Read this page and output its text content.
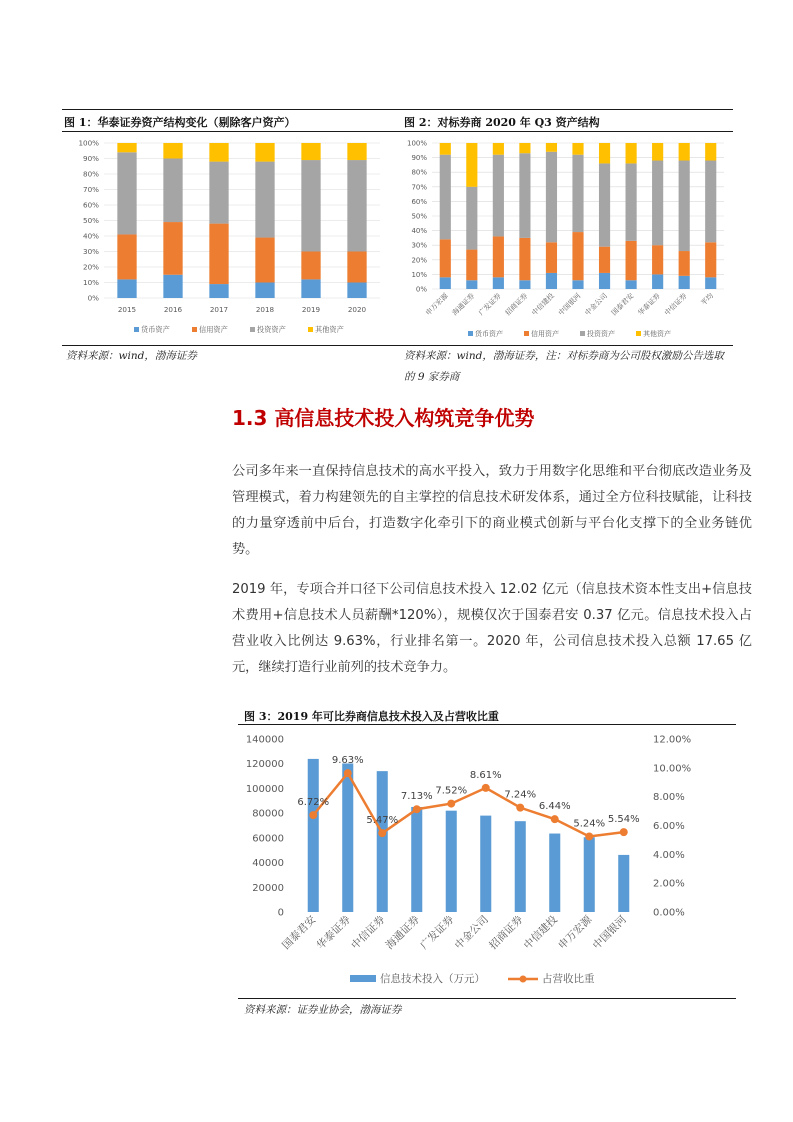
图 1：华泰证券资产结构变化（剔除客户资产）	图 2：对标券商 2020 年 Q3 资产结构
0%
10%
20%
30%
40%
50%
60%
70%
80%
90%
100%
2015	2016	2017	2018	2019	2020
货币资产	信用资产	投资资产	其他资产
0%
10%
20%
30%
40%
50%
60%
70%
80%
90%
100%
申万宏源 海通证券 广发证券 招商证券 中信建投 中国银河 中金公司 国泰君安 华泰证券 中信证券 平均
货币资产	信用资产	投资资产	其他资产
资料来源：wind，渤海证券	资料来源：wind，渤海证券，注：对标券商为公司股权激励公告选取的 9 家券商
1.3 高信息技术投入构筑竞争优势
公司多年来一直保持信息技术的高水平投入，致力于用数字化思维和平台彻底改造业务及管理模式，着力构建领先的自主掌控的信息技术研发体系，通过全方位科技赋能，让科技的力量穿透前中后台，打造数字化牵引下的商业模式创新与平台化支撑下的全业务链优势。
2019 年，专项合并口径下公司信息技术投入 12.02 亿元（信息技术资本性支出+信息技术费用+信息技术人员薪酬*120%），规模仅次于国泰君安 0.37 亿元。信息技术投入占营业收入比例达 9.63%，行业排名第一。2020 年，公司信息技术投入总额 17.65 亿元，继续打造行业前列的技术竞争力。
图 3：2019 年可比券商信息技术投入及占营收比重
0
20000
40000
60000
80000
100000
120000
140000
0.00%
2.00%
4.00%
6.00%
8.00%
10.00%
12.00%
6.72%
9.63%
5.47%
7.13%
7.52%
8.61%
7.24%
6.44%
5.24% 5.54%
国泰君安
华泰证券
中信证券
海通证券
广发证券
中金公司
招商证券
中信建投
申万宏源
中国银河
信息技术投入（万元）	占营收比重
资料来源：证券业协会，渤海证券
